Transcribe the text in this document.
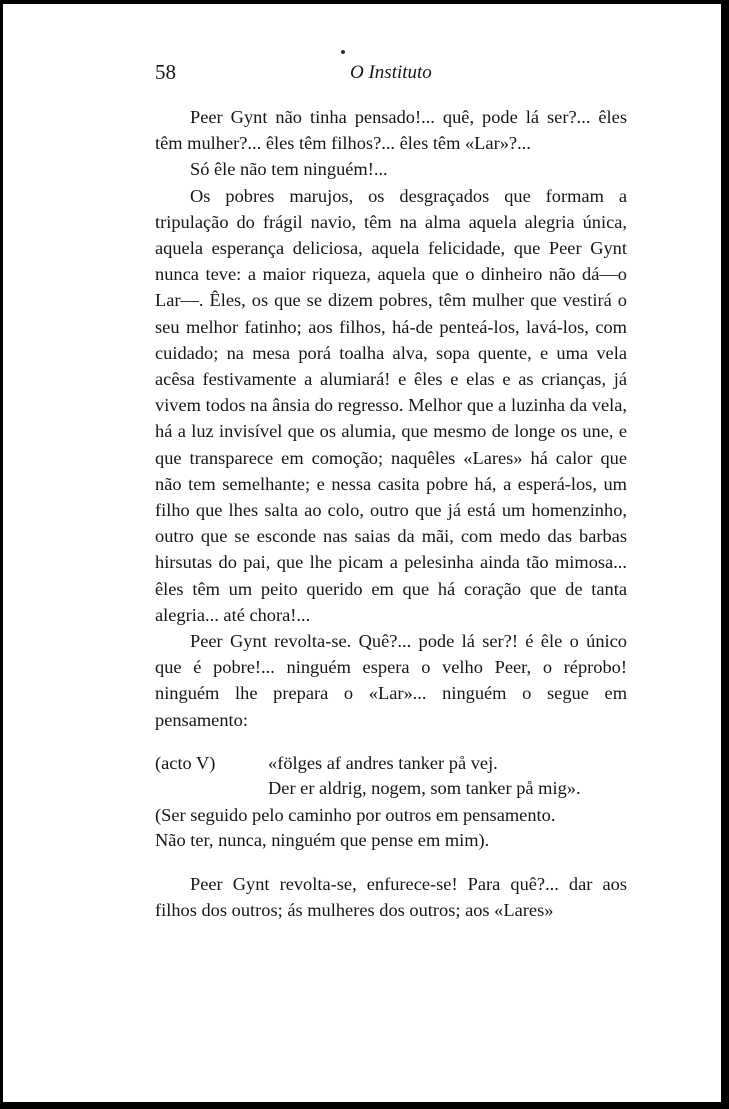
58	O Instituto

Peer Gynt não tinha pensado!... quê, pode lá ser?... êles têm mulher?... êles têm filhos?... êles têm «Lar»?...

Só êle não tem ninguém!...

Os pobres marujos, os desgraçados que formam a tripulação do frágil navio, têm na alma aquela alegria única, aquela esperança deliciosa, aquela felicidade, que Peer Gynt nunca teve: a maior riqueza, aquela que o dinheiro não dá—o Lar—. Êles, os que se dizem pobres, têm mulher que vestirá o seu melhor fatinho; aos filhos, há-de penteá-los, lavá-los, com cuidado; na mesa porá toalha alva, sopa quente, e uma vela acêsa festivamente a alumiará! e êles e elas e as crianças, já vivem todos na ânsia do regresso. Melhor que a luzinha da vela, há a luz invisível que os alumia, que mesmo de longe os une, e que transparece em comoção; naquêles «Lares» há calor que não tem semelhante; e nessa casita pobre há, a esperá-los, um filho que lhes salta ao colo, outro que já está um homenzinho, outro que se esconde nas saias da mãi, com medo das barbas hirsutas do pai, que lhe picam a pelesinha ainda tão mimosa... êles têm um peito querido em que há coração que de tanta alegria... até chora!...

Peer Gynt revolta-se. Quê?... pode lá ser?! é êle o único que é pobre!... ninguém espera o velho Peer, o réprobo! ninguém lhe prepara o «Lar»... ninguém o segue em pensamento:

(acto V)	«fölges af andres tanker på vej.
Der er aldrig, nogem, som tanker på mig».
(Ser seguido pelo caminho por outros em pensamento.
Não ter, nunca, ninguém que pense em mim).

Peer Gynt revolta-se, enfurece-se! Para quê?... dar aos filhos dos outros; ás mulheres dos outros; aos «Lares»
